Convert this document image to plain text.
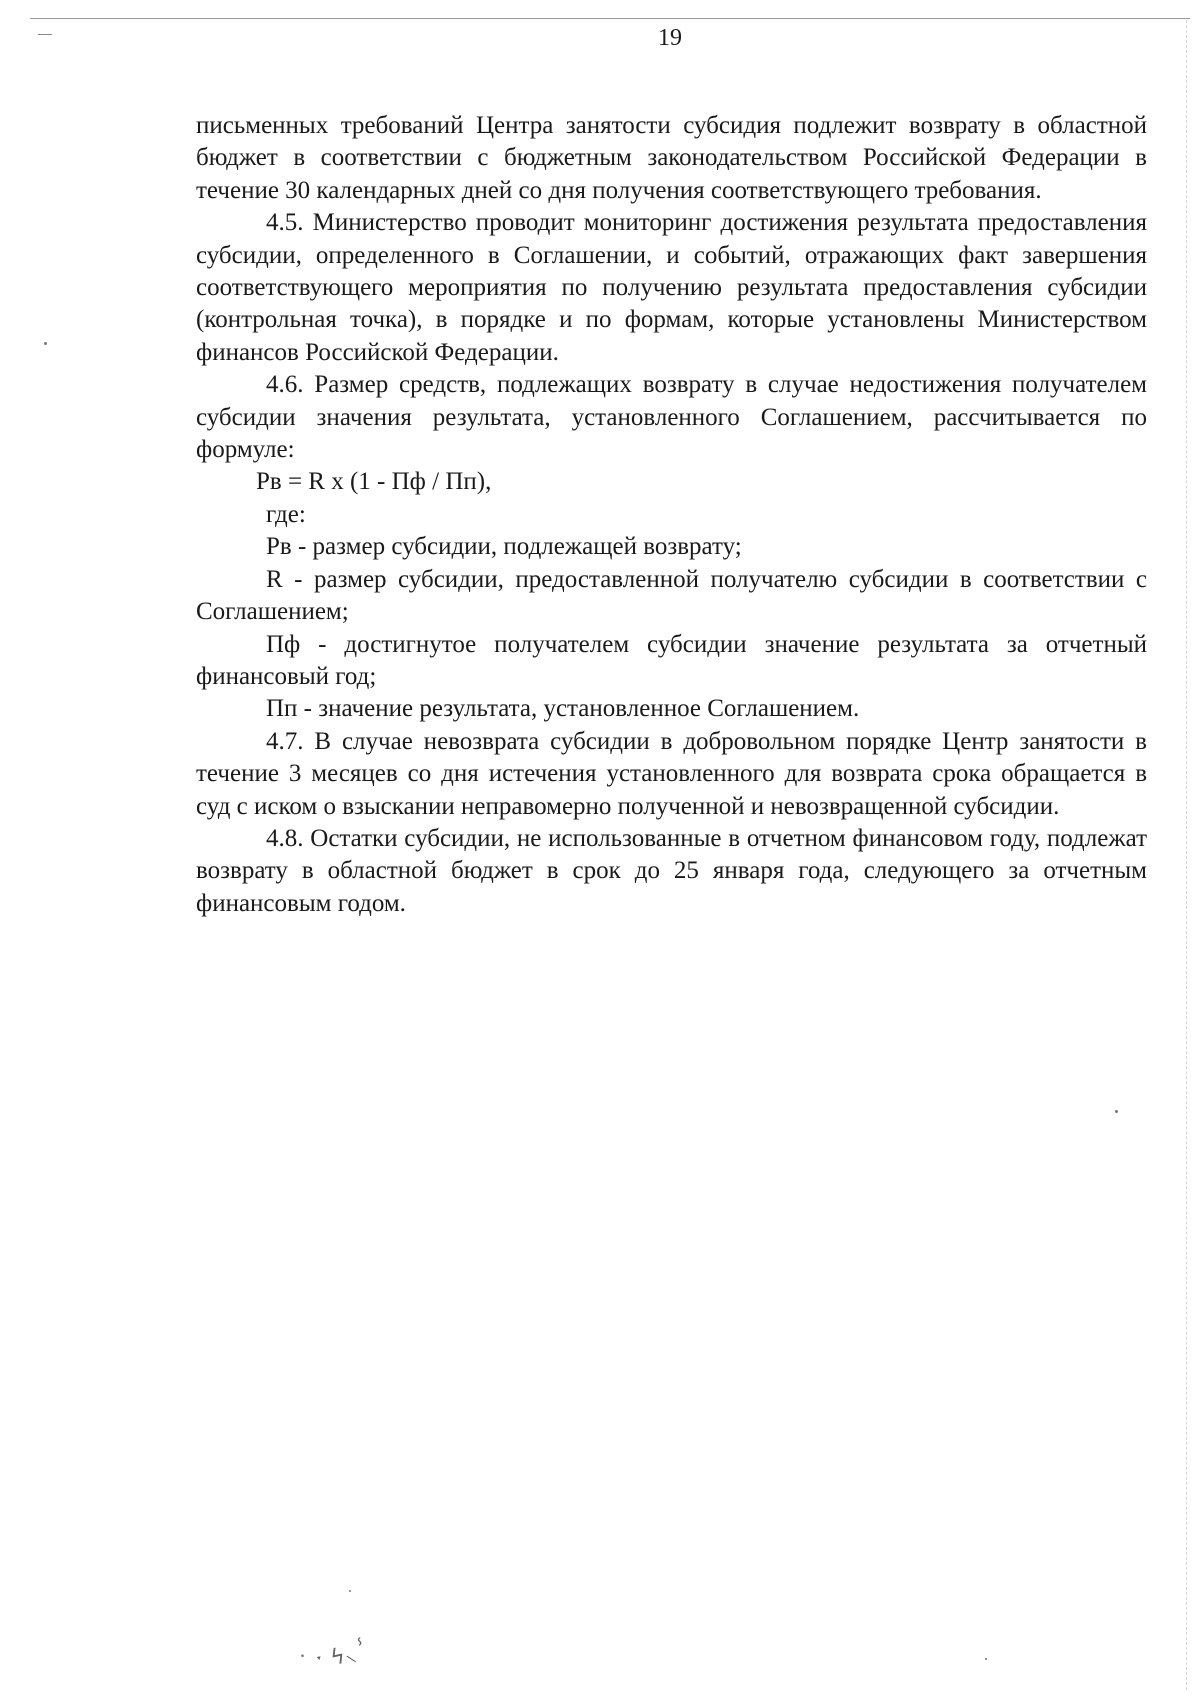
19

письменных требований Центра занятости субсидия подлежит возврату в областной бюджет в соответствии с бюджетным законодательством Российской Федерации в течение 30 календарных дней со дня получения соответствующего требования.

4.5. Министерство проводит мониторинг достижения результата предоставления субсидии, определенного в Соглашении, и событий, отражающих факт завершения соответствующего мероприятия по получению результата предоставления субсидии (контрольная точка), в порядке и по формам, которые установлены Министерством финансов Российской Федерации.

4.6. Размер средств, подлежащих возврату в случае недостижения получателем субсидии значения результата, установленного Соглашением, рассчитывается по формуле:

Рв = R х (1 - Пф / Пп),

где:

Рв - размер субсидии, подлежащей возврату;

R - размер субсидии, предоставленной получателю субсидии в соответствии с Соглашением;

Пф - достигнутое получателем субсидии значение результата за отчетный финансовый год;

Пп - значение результата, установленное Соглашением.

4.7. В случае невозврата субсидии в добровольном порядке Центр занятости в течение 3 месяцев со дня истечения установленного для возврата срока обращается в суд с иском о взыскании неправомерно полученной и невозвращенной субсидии.

4.8. Остатки субсидии, не использованные в отчетном финансовом году, подлежат возврату в областной бюджет в срок до 25 января года, следующего за отчетным финансовым годом.

˙ ˑ ϟ⸜ⸯ
